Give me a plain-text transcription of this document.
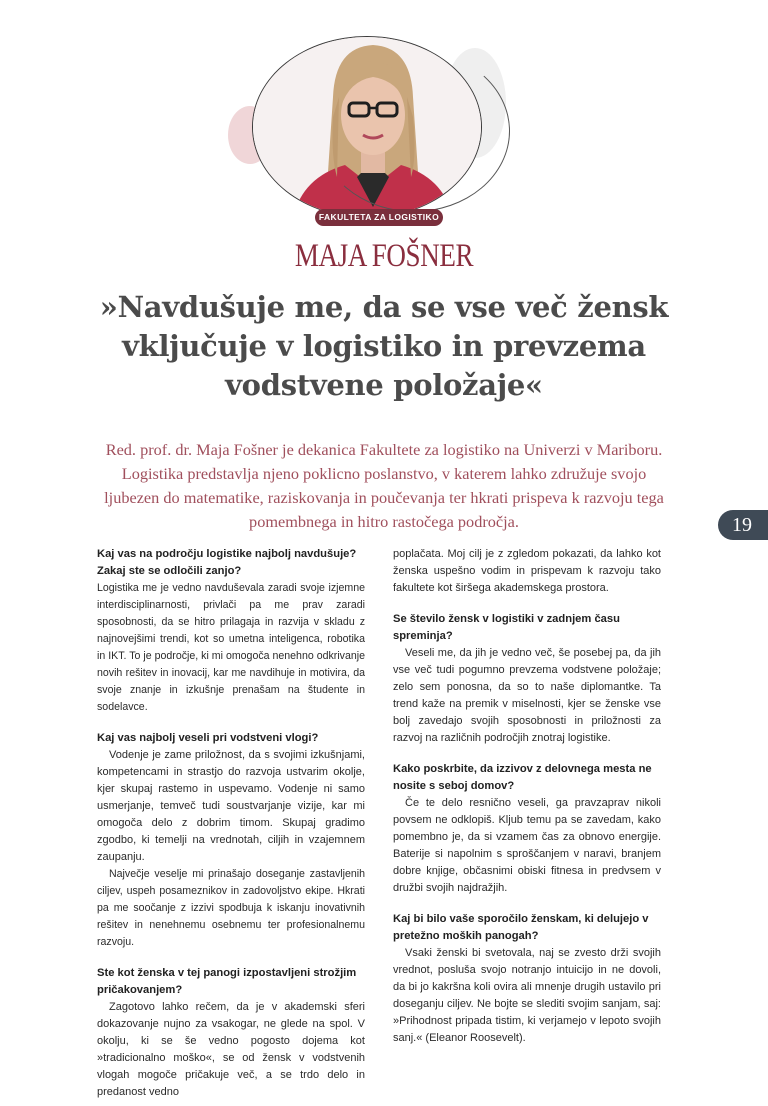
FAKULTETA ZA LOGISTIKO
MAJA FOŠNER
»Navdušuje me, da se vse več žensk vključuje v logistiko in prevzema vodstvene položaje«
Red. prof. dr. Maja Fošner je dekanica Fakultete za logistiko na Univerzi v Mariboru. Logistika predstavlja njeno poklicno poslanstvo, v katerem lahko združuje svojo ljubezen do matematike, raziskovanja in poučevanja ter hkrati prispeva k razvoju tega pomembnega in hitro rastočega področja.	19

Kaj vas na področju logistike najbolj navdušuje? Zakaj ste se odločili zanjo?

Logistika me je vedno navduševala zaradi svoje izjemne interdisciplinarnosti, privlači pa me prav zaradi sposobnosti, da se hitro prilagaja in razvija v skladu z najnovejšimi trendi, kot so umetna inteligenca, robotika in IKT. To je področje, ki mi omogoča nenehno odkrivanje novih rešitev in inovacij, kar me navdihuje in motivira, da svoje znanje in izkušnje prenašam na študente in sodelavce.

Kaj vas najbolj veseli pri vodstveni vlogi?

Vodenje je zame priložnost, da s svojimi izkušnjami, kompetencami in strastjo do razvoja ustvarim okolje, kjer skupaj rastemo in uspevamo. Vodenje ni samo usmerjanje, temveč tudi soustvarjanje vizije, kar mi omogoča delo z dobrim timom. Skupaj gradimo zgodbo, ki temelji na vrednotah, ciljih in vzajemnem zaupanju.

Največje veselje mi prinašajo doseganje zastavljenih ciljev, uspeh posameznikov in zadovoljstvo ekipe. Hkrati pa me soočanje z izzivi spodbuja k iskanju inovativnih rešitev in nenehnemu osebnemu ter profesionalnemu razvoju.

Ste kot ženska v tej panogi izpostavljeni strožjim pričakovanjem?

Zagotovo lahko rečem, da je v akademski sferi dokazovanje nujno za vsakogar, ne glede na spol. V okolju, ki se še vedno pogosto dojema kot »tradicionalno moško«, se od žensk v vodstvenih vlogah mogoče pričakuje več, a se trdo delo in predanost vedno

poplačata. Moj cilj je z zgledom pokazati, da lahko kot ženska uspešno vodim in prispevam k razvoju tako fakultete kot širšega akademskega prostora.

Se število žensk v logistiki v zadnjem času spreminja?

Veseli me, da jih je vedno več, še posebej pa, da jih vse več tudi pogumno prevzema vodstvene položaje; zelo sem ponosna, da so to naše diplomantke. Ta trend kaže na premik v miselnosti, kjer se ženske vse bolj zavedajo svojih sposobnosti in priložnosti za razvoj na različnih področjih znotraj logistike.

Kako poskrbite, da izzivov z delovnega mesta ne nosite s seboj domov?

Če te delo resnično veseli, ga pravzaprav nikoli povsem ne odklopiš. Kljub temu pa se zavedam, kako pomembno je, da si vzamem čas za obnovo energije. Baterije si napolnim s sproščanjem v naravi, branjem dobre knjige, občasnimi obiski fitnesa in predvsem v družbi svojih najdražjih.

Kaj bi bilo vaše sporočilo ženskam, ki delujejo v pretežno moških panogah?

Vsaki ženski bi svetovala, naj se zvesto drži svojih vrednot, posluša svojo notranjo intuicijo in ne dovoli, da bi jo kakršna koli ovira ali mnenje drugih ustavilo pri doseganju ciljev. Ne bojte se slediti svojim sanjam, saj: »Prihodnost pripada tistim, ki verjamejo v lepoto svojih sanj.« (Eleanor Roosevelt).
